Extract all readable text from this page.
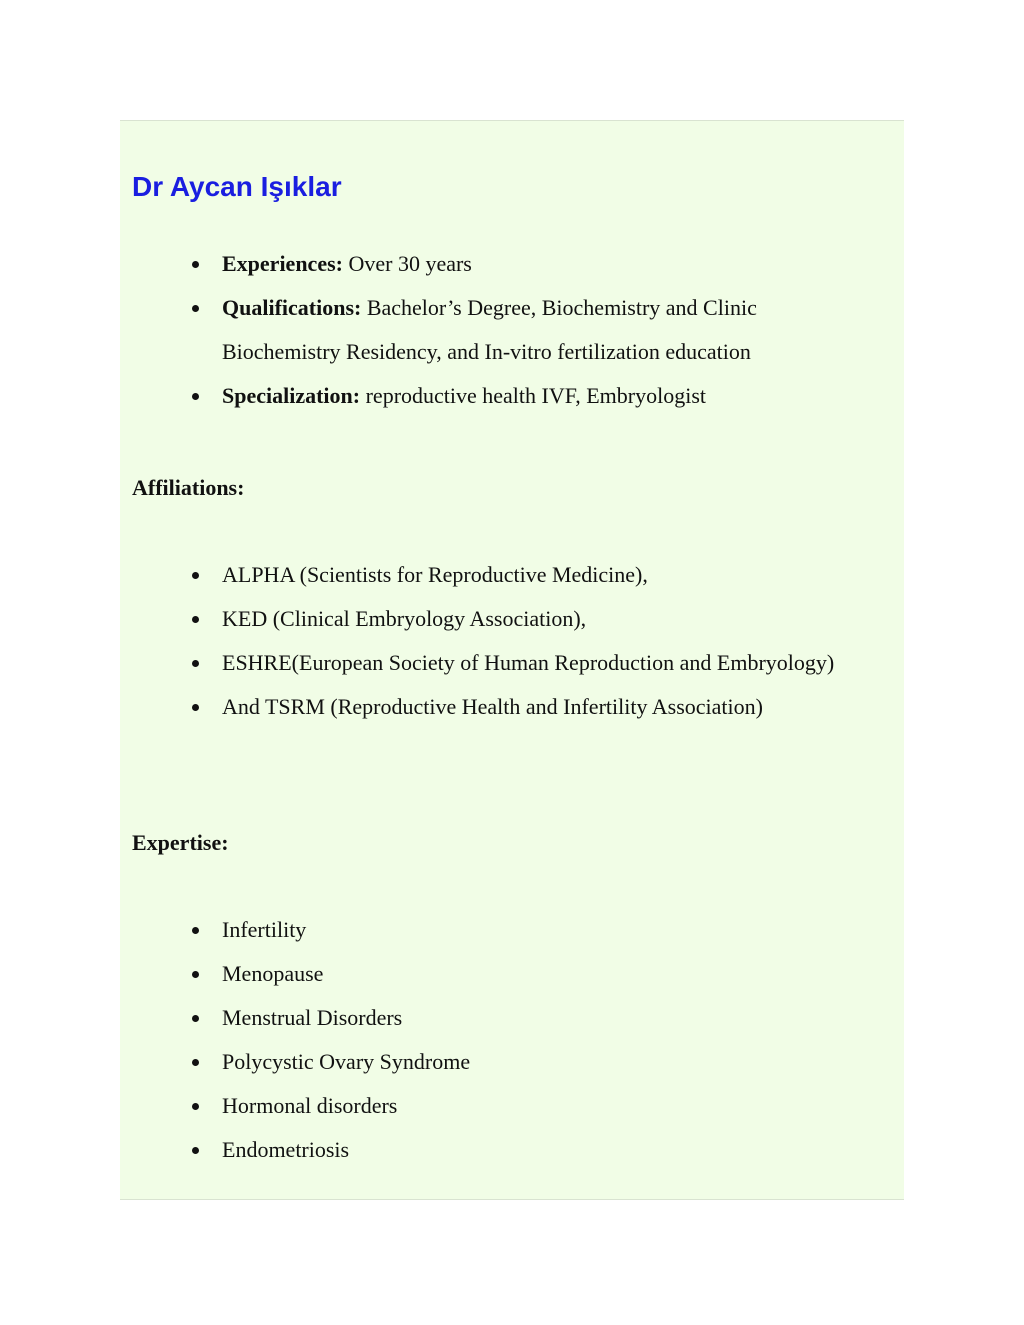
Dr Aycan Işıklar
Experiences: Over 30 years
Qualifications: Bachelor’s Degree, Biochemistry and Clinic Biochemistry Residency, and In-vitro fertilization education
Specialization: reproductive health IVF, Embryologist
Affiliations:
ALPHA (Scientists for Reproductive Medicine),
KED (Clinical Embryology Association),
ESHRE(European Society of Human Reproduction and Embryology)
And TSRM (Reproductive Health and Infertility Association)
Expertise:
Infertility
Menopause
Menstrual Disorders
Polycystic Ovary Syndrome
Hormonal disorders
Endometriosis
